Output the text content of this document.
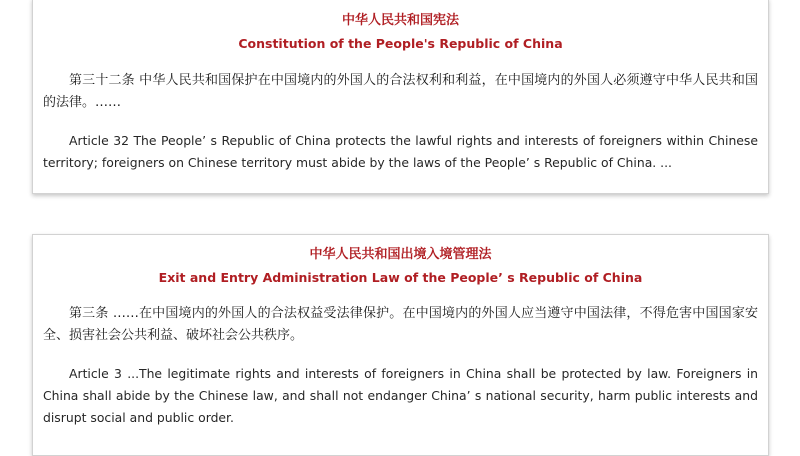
中华人民共和国宪法
Constitution of the People's Republic of China

第三十二条 中华人民共和国保护在中国境内的外国人的合法权利和利益，在中国境内的外国人必须遵守中华人民共和国的法律。……

Article 32 The People’ s Republic of China protects the lawful rights and interests of foreigners within Chinese territory; foreigners on Chinese territory must abide by the laws of the People’ s Republic of China. ...

中华人民共和国出境入境管理法
Exit and Entry Administration Law of the People’ s Republic of China

第三条 ……在中国境内的外国人的合法权益受法律保护。在中国境内的外国人应当遵守中国法律，不得危害中国国家安全、损害社会公共利益、破坏社会公共秩序。

Article 3 ...The legitimate rights and interests of foreigners in China shall be protected by law. Foreigners in China shall abide by the Chinese law, and shall not endanger China’ s national security, harm public interests and disrupt social and public order.
